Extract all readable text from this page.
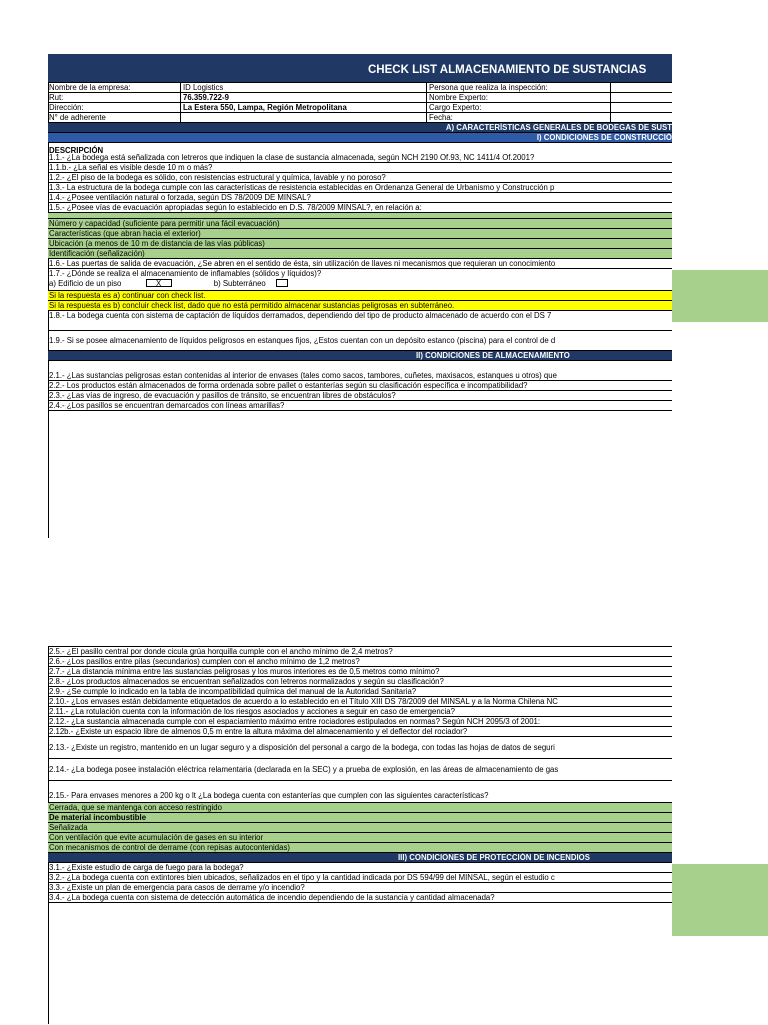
CHECK LIST ALMACENAMIENTO DE SUSTANCIAS
Nombre de la empresa:	ID Logistics	Persona que realiza la inspección:
Rut:	76.359.722-9	Nombre Experto:
Dirección:	La Estera 550, Lampa, Región Metropolitana	Cargo Experto:
N° de adherente	Fecha:
A) CARACTERÍSTICAS GENERALES DE BODEGAS DE SUST
I) CONDICIONES DE CONSTRUCCIÓ
DESCRIPCIÓN
1.1.- ¿La bodega está señalizada con letreros que indiquen la clase de sustancia almacenada, según NCH 2190 Of.93, NC 1411/4 Of.2001?
1.1.b.- ¿La señal es visible desde 10 m o más?
1.2.- ¿El piso de la bodega es sólido, con resistencias estructural y química, lavable y no poroso?
1.3.- La estructura de la bodega cumple con las características de resistencia establecidas en Ordenanza General de Urbanismo y Construcción p
1.4.- ¿Posee ventilación natural o forzada, según DS 78/2009 DE MINSAL?
1.5.- ¿Posee vías de evacuación apropiadas según lo establecido en D.S. 78/2009 MINSAL?, en relación a:
Número y capacidad (suficiente para permitir una fácil evacuación)
Características (que abran hacia el exterior)
Ubicación (a menos de 10 m de distancia de las vías públicas)
Identificación (señalización)
1.6.- Las puertas de salida de evacuación, ¿Se abren en el sentido de ésta, sin utilización de llaves ni mecanismos que requieran un conocimiento
1.7.- ¿Dónde se realiza el almacenamiento de inflamables (sólidos y líquidos)?
a) Edificio de un piso	X	b) Subterráneo
Si la respuesta es a) continuar con check list.
Si la respuesta es b) concluir check list, dado que no está permitido almacenar sustancias peligrosas en subterráneo.
1.8.- La bodega cuenta con sistema de captación de líquidos derramados, dependiendo del tipo de producto almacenado de acuerdo con el DS 7
1.9.- Si se posee almacenamiento de líquidos peligrosos en estanques fijos, ¿Estos cuentan con un depósito estanco (piscina) para el control de d
II) CONDICIONES DE ALMACENAMIENTO
2.1.- ¿Las sustancias peligrosas estan contenidas al interior de envases (tales como sacos, tambores, cuñetes, maxisacos, estanques u otros) que
2.2.- Los productos están almacenados de forma ordenada sobre pallet o estanterías según su clasificación específica e incompatibilidad?
2.3.- ¿Las vías de ingreso, de evacuación y pasillos de tránsito, se encuentran libres de obstáculos?
2.4.- ¿Los pasillos se encuentran demarcados con líneas amarillas?
2.5.- ¿El pasillo central por donde cicula grúa horquilla cumple con el ancho mínimo de 2,4 metros?
2.6.- ¿Los pasillos entre pilas (secundarios) cumplen con el ancho mínimo de 1,2 metros?
2.7.- ¿La distancia mínima entre las sustancias peligrosas y los muros interiores es de 0,5 metros como mínimo?
2.8.- ¿Los productos almacenados se encuentran señalizados con letreros normalizados y según su clasificación?
2.9.- ¿Se cumple lo indicado en la tabla de incompatibilidad química del manual de la Autoridad Sanitaria?
2.10.- ¿Los envases están debidamente etiquetados de acuerdo a lo establecido en el Título XIII DS 78/2009 del MINSAL y a la Norma Chilena NC
2.11.- ¿La rotulación cuenta con la información de los riesgos asociados y acciones a seguir en caso de emergencia?
2.12.- ¿La sustancia almacenada cumple con el espaciamiento máximo entre rociadores estipulados en normas? Según NCH 2095/3 of 2001:
2.12b.- ¿Existe un espacio libre de almenos 0,5 m entre la altura máxima del almacenamiento y el deflector del rociador?
2.13.- ¿Existe un registro, mantenido en un lugar seguro y a disposición del personal a cargo de la bodega, con todas las hojas de datos de seguri
2.14.- ¿La bodega posee instalación eléctrica relamentaria (declarada en la SEC) y a prueba de explosión, en las áreas de almacenamiento de gas
2.15.- Para envases menores a 200 kg o lt ¿La bodega cuenta con estanterías que cumplen con las siguientes características?
Cerrada, que se mantenga con acceso restringido
De material incombustible
Señalizada
Con ventilación que evite acumulación de gases en su interior
Con mecanismos de control de derrame (con repisas autocontenidas)
III) CONDICIONES DE PROTECCIÓN DE INCENDIOS
3.1.- ¿Existe estudio de carga de fuego para la bodega?
3.2.- ¿La bodega cuenta con extintores bien ubicados, señalizados en el tipo y la cantidad indicada por DS 594/99 del MINSAL, según el estudio c
3.3.- ¿Existe un plan de emergencia para casos de derrame y/o incendio?
3.4.- ¿La bodega cuenta con sistema de detección automática de incendio dependiendo de la sustancia y cantidad almacenada?
